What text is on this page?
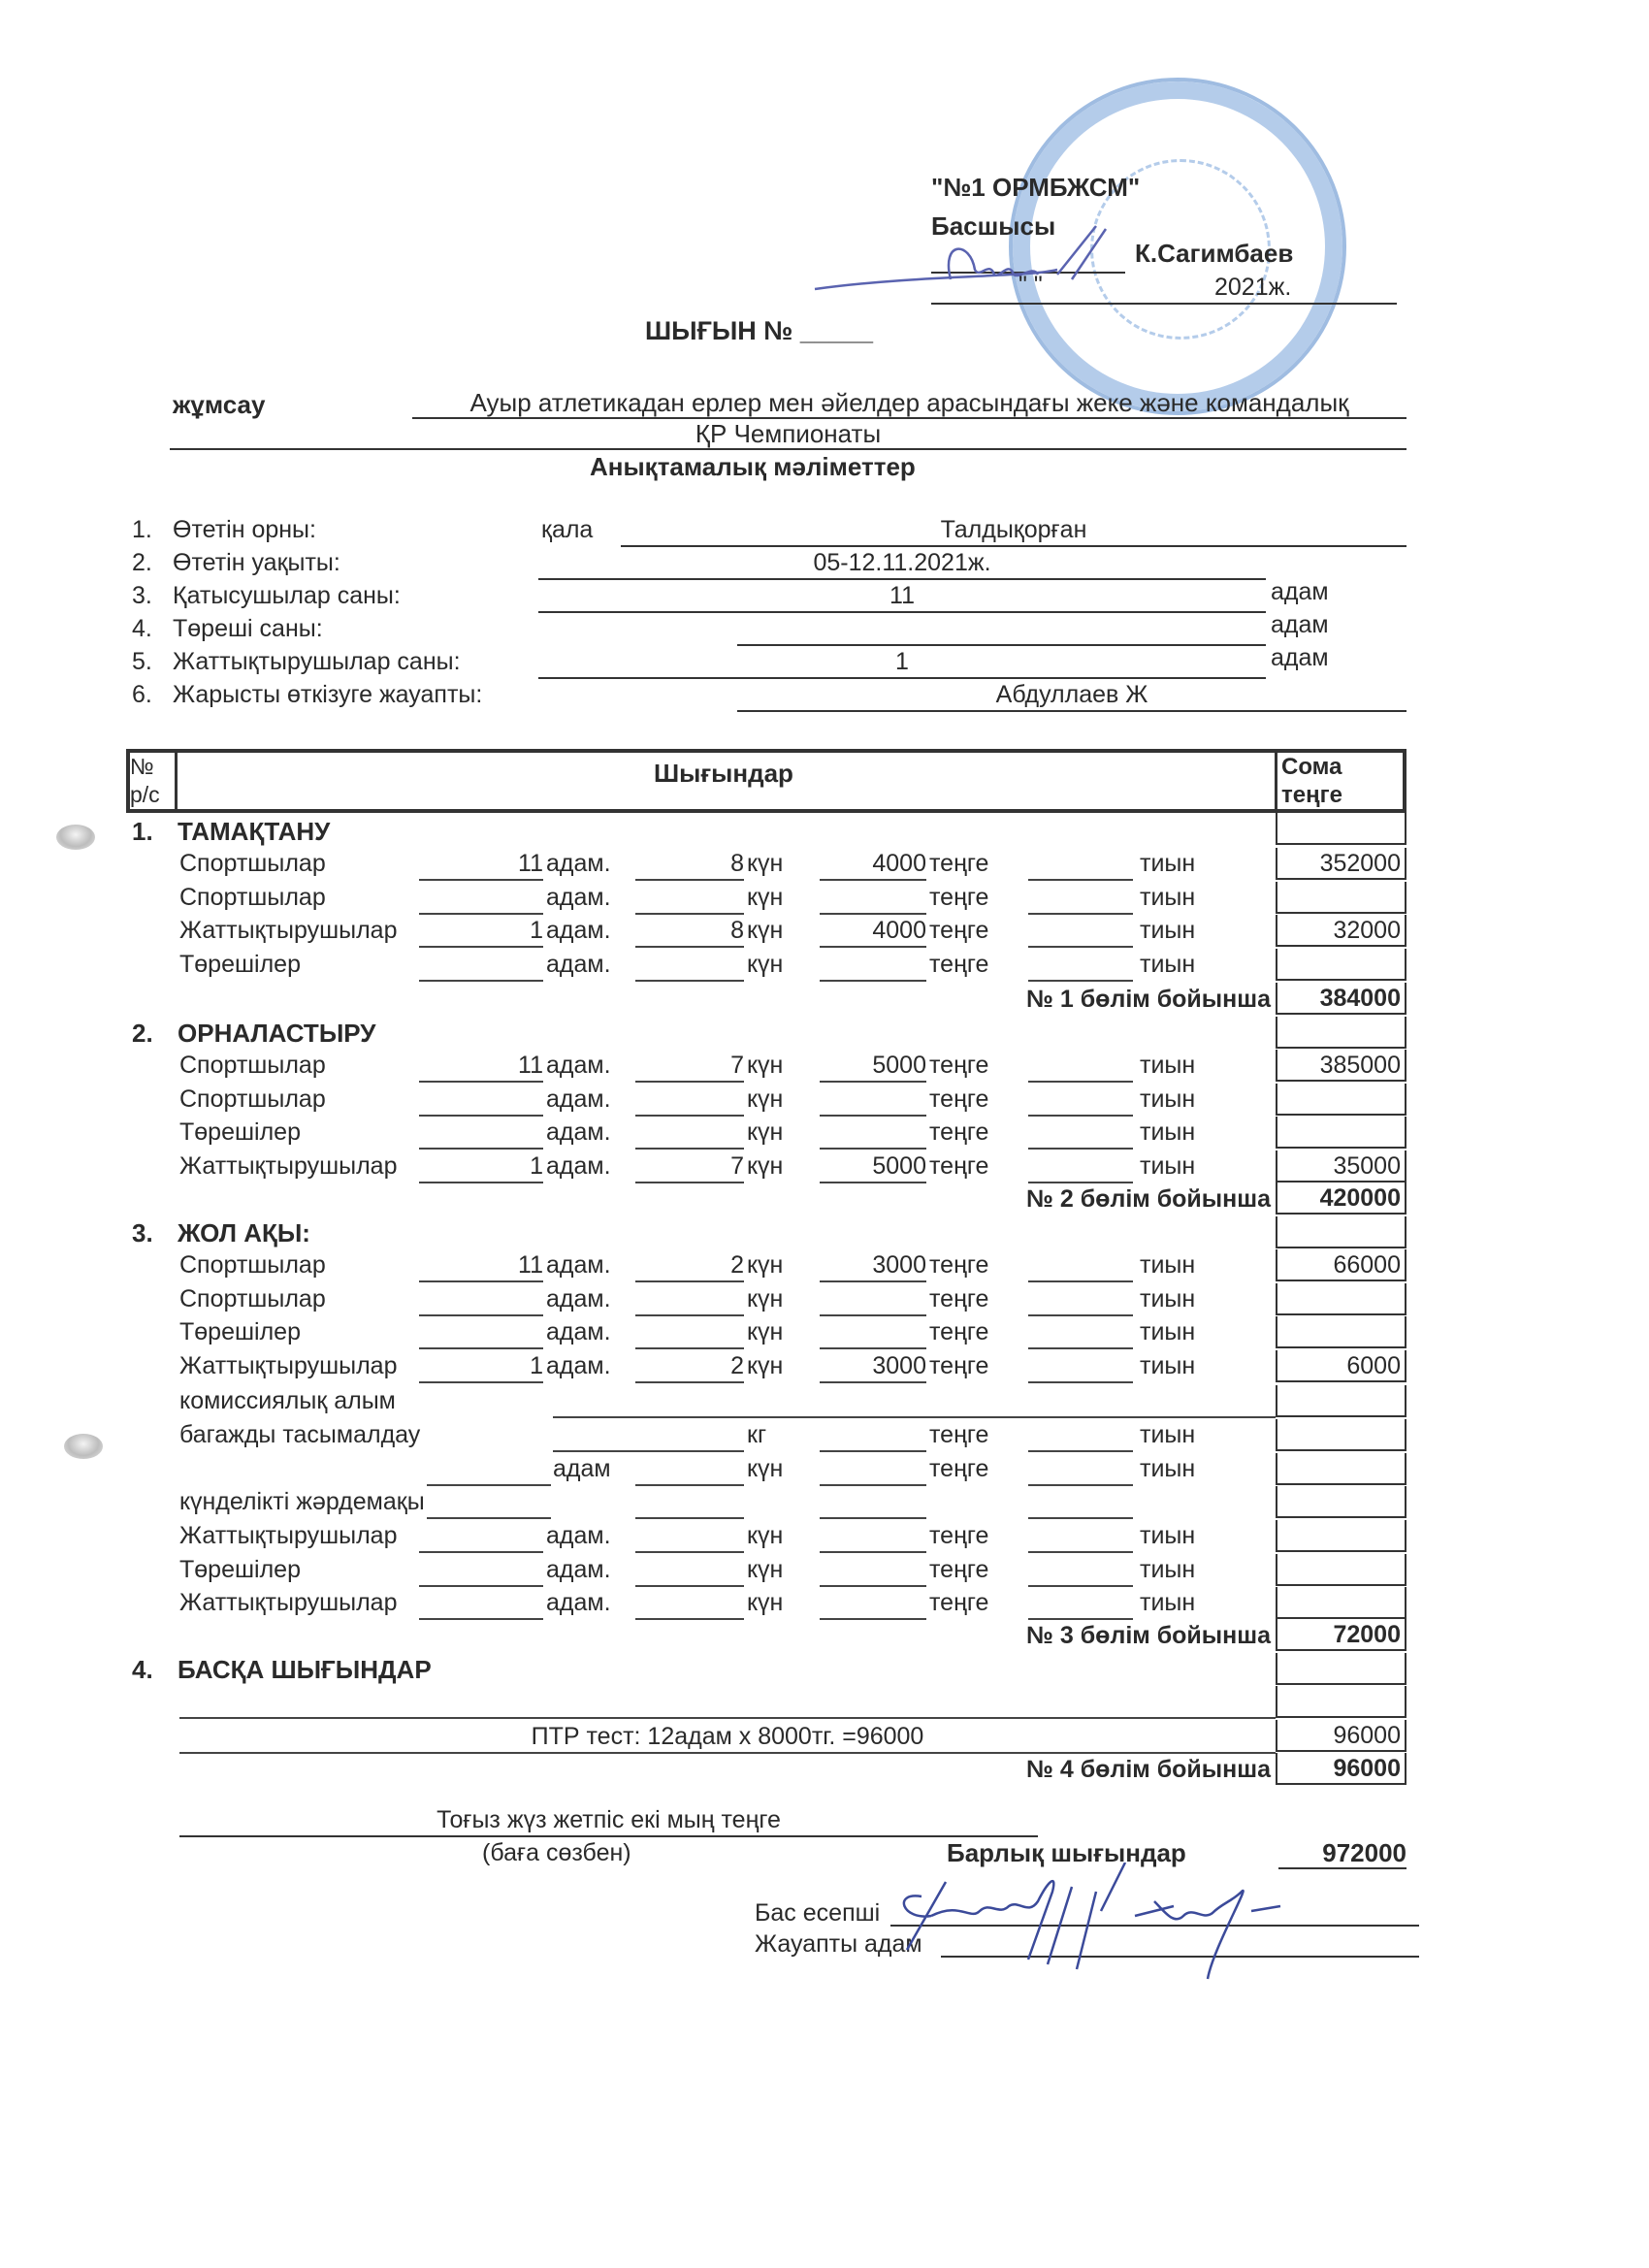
"№1 ОРМБЖСМ"
Басшысы
К.Сагимбаев
" "	2021ж.
ШЫҒЫН № _____
жұмсау	Ауыр атлетикадан ерлер мен әйелдер арасындағы жеке және командалық
ҚР Чемпионаты
Анықтамалық мәліметтер
1. Өтетін орны:	қала	Талдықорған
2. Өтетін уақыты:	05-12.11.2021ж.
3. Қатысушылар саны:	11	адам
4. Төреші саны:	адам
5. Жаттықтырушылар саны:	1	адам
6. Жарысты өткізуге жауапты:	Абдуллаев Ж
№
р/с
Шығындар	Сома
теңге
1. ТАМАҚТАНУ
Спортшылар	11 адам.	8 күн	4000 теңге	тиын	352000
Спортшылар	адам.	күн	теңге	тиын
Жаттықтырушылар	1 адам.	8 күн	4000 теңге	тиын	32000
Төрешілер	адам.	күн	теңге	тиын
№ 1 бөлім бойынша	384000
2. ОРНАЛАСТЫРУ
Спортшылар	11 адам.	7 күн	5000 теңге	тиын	385000
Спортшылар	адам.	күн	теңге	тиын
Төрешілер	адам.	күн	теңге	тиын
Жаттықтырушылар	1 адам.	7 күн	5000 теңге	тиын	35000
№ 2 бөлім бойынша	420000
3. ЖОЛ АҚЫ:
Спортшылар	11 адам.	2 күн	3000 теңге	тиын	66000
Спортшылар	адам.	күн	теңге	тиын
Төрешілер	адам.	күн	теңге	тиын
Жаттықтырушылар	1 адам.	2 күн	3000 теңге	тиын	6000
комиссиялық алым
багажды тасымалдау	кг	теңге	тиын
адам	күн	теңге	тиын
күнделікті жәрдемақы
Жаттықтырушылар	адам.	күн	теңге	тиын
Төрешілер	адам.	күн	теңге	тиын
Жаттықтырушылар	адам.	күн	теңге	тиын
№ 3 бөлім бойынша	72000
4. БАСҚА ШЫҒЫНДАР
ПТР тест: 12адам х 8000тг. =96000	96000
№ 4 бөлім бойынша	96000
Тоғыз жүз жетпіс екі мың теңге
(баға сөзбен)	Барлық шығындар	972000
Бас есепші
Жауапты адам
